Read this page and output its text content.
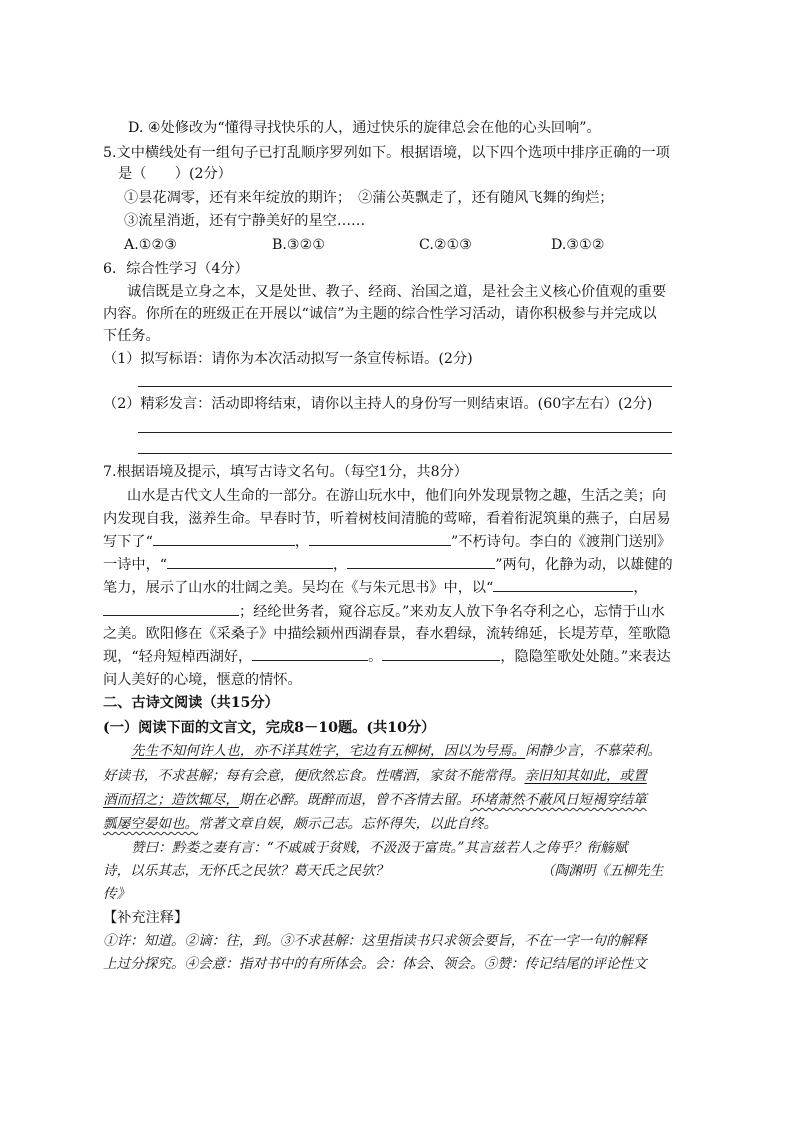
D. ④处修改为“懂得寻找快乐的人，通过快乐的旋律总会在他的心头回响”。
5.文中横线处有一组句子已打乱顺序罗列如下。根据语境，以下四个选项中排序正确的一项
是（　　）(2分）
①昙花凋零，还有来年绽放的期许；　②蒲公英飘走了，还有随风飞舞的绚烂；
③流星消逝，还有宁静美好的星空……
A.①②③	B.③②①	C.②①③	D.③①②
6．综合性学习（4分）
诚信既是立身之本，又是处世、教子、经商、治国之道，是社会主义核心价值观的重要
内容。你所在的班级正在开展以“诚信”为主题的综合性学习活动，请你积极参与并完成以
下任务。
（1）拟写标语：请你为本次活动拟写一条宣传标语。(2分)
（2）精彩发言：活动即将结束，请你以主持人的身份写一则结束语。(60字左右）(2分)
7.根据语境及提示，填写古诗文名句。（每空1分，共8分）
山水是古代文人生命的一部分。在游山玩水中，他们向外发现景物之趣，生活之美；向
内发现自我，滋养生命。早春时节，听着树枝间清脆的莺啼，看着衔泥筑巢的燕子，白居易
写下了“	，	”不朽诗句。李白的《渡荆门送别》
一诗中，“	，	”两句，化静为动，以雄健的
笔力，展示了山水的壮阔之美。吴均在《与朱元思书》中，以“	，
；经纶世务者，窥谷忘反。”来劝友人放下争名夺利之心，忘情于山水
之美。欧阳修在《采桑子》中描绘颍州西湖春景，春水碧绿，流转绵延，长堤芳草，笙歌隐
现，“轻舟短棹西湖好，	。	，隐隐笙歌处处随。”来表达
问人美好的心境，惬意的情怀。
二、古诗文阅读（共15分）
(一）阅读下面的文言文，完成8－10题。(共10分）
先生不知何许人也，亦不详其姓字，宅边有五柳树，因以为号焉。闲静少言，不慕荣利。
好读书，不求甚解；每有会意，便欣然忘食。性嗜酒，家贫不能常得。亲旧知其如此，或置
酒而招之；造饮辄尽，期在必醉。既醉而退，曾不吝情去留。环堵萧然不蔽风日短褐穿结箪
瓢屡空晏如也。常著文章自娱，颇示己志。忘怀得失，以此自终。
赞曰：黔娄之妻有言：“不戚戚于贫贱，不汲汲于富贵。”其言兹若人之俦乎？衔觞赋
诗，以乐其志，无怀氏之民欤？葛天氏之民欤？	（陶渊明《五柳先生
传》
【补充注释】
①许：知道。②谪：往，到。③不求甚解：这里指读书只求领会要旨，不在一字一句的解释
上过分探究。④会意：指对书中的有所体会。会：体会、领会。⑤赞：传记结尾的评论性文
